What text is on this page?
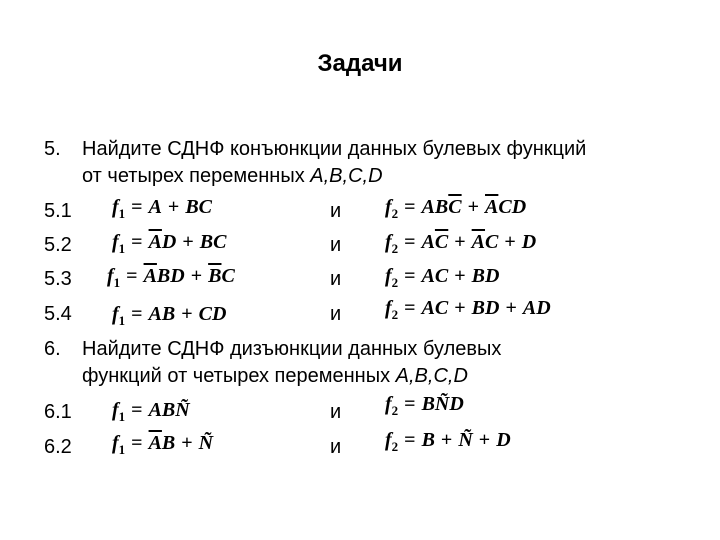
Задачи
5. Найдите СДНФ конъюнкции данных булевых функций
от четырех переменных A,B,C,D
5.1 $f_1 = A$ + BC	и $f_2 = AB\overline{C} + \overline{A}CD$
5.2 $f_1 = \overline{A}D$ + BC	и $f_2 = A\overline{C} + \overline{A}C + D$
5.3 $f_1 = \overline{A}BD + \overline{B}C$	и $f_2$ = AC + BD
5.4 $f_1$ = AB + CD	и $f_2$ = AC + BD + AD
6. Найдите СДНФ дизъюнкции данных булевых
функций от четырех переменных A,B,C,D
6.1 $f_1$ = ABÑ	и $f_2$ = BÑD
6.2 $f_1 = \overline{A}B$ + Ñ	и $f_2 = B$ + Ñ + D
